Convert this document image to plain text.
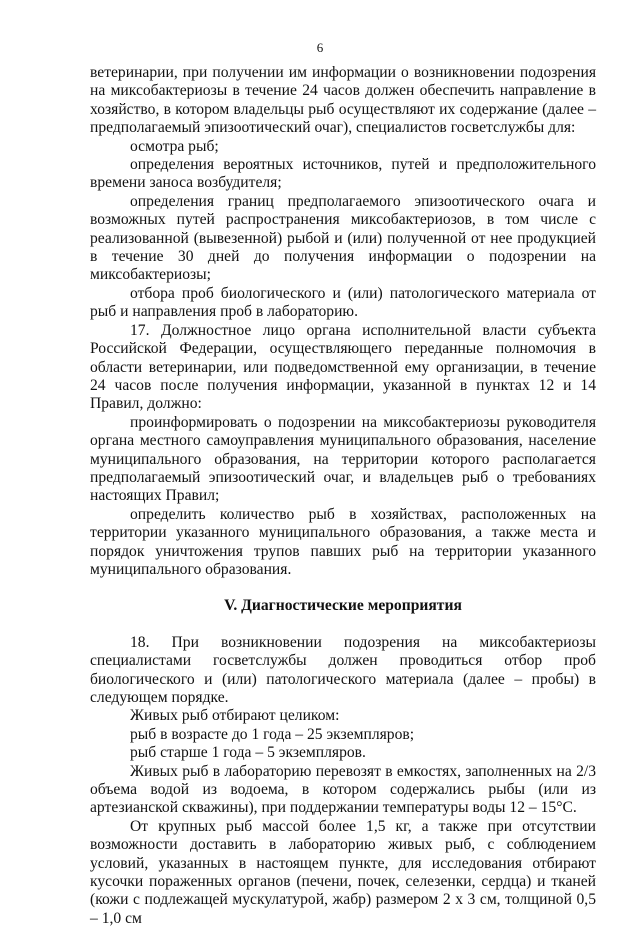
6

ветеринарии, при получении им информации о возникновении подозрения на миксобактериозы в течение 24 часов должен обеспечить направление в хозяйство, в котором владельцы рыб осуществляют их содержание (далее – предполагаемый эпизоотический очаг), специалистов госветслужбы для:

осмотра рыб;

определения вероятных источников, путей и предположительного времени заноса возбудителя;

определения границ предполагаемого эпизоотического очага и возможных путей распространения миксобактериозов, в том числе с реализованной (вывезенной) рыбой и (или) полученной от нее продукцией в течение 30 дней до получения информации о подозрении на миксобактериозы;

отбора проб биологического и (или) патологического материала от рыб и направления проб в лабораторию.

17. Должностное лицо органа исполнительной власти субъекта Российской Федерации, осуществляющего переданные полномочия в области ветеринарии, или подведомственной ему организации, в течение 24 часов после получения информации, указанной в пунктах 12 и 14 Правил, должно:

проинформировать о подозрении на миксобактериозы руководителя органа местного самоуправления муниципального образования, население муниципального образования, на территории которого располагается предполагаемый эпизоотический очаг, и владельцев рыб о требованиях настоящих Правил;

определить количество рыб в хозяйствах, расположенных на территории указанного муниципального образования, а также места и порядок уничтожения трупов павших рыб на территории указанного муниципального образования.

V. Диагностические мероприятия

18. При возникновении подозрения на миксобактериозы специалистами госветслужбы должен проводиться отбор проб биологического и (или) патологического материала (далее – пробы) в следующем порядке.

Живых рыб отбирают целиком:

рыб в возрасте до 1 года – 25 экземпляров;

рыб старше 1 года – 5 экземпляров.

Живых рыб в лабораторию перевозят в емкостях, заполненных на 2/3 объема водой из водоема, в котором содержались рыбы (или из артезианской скважины), при поддержании температуры воды 12 – 15°С.

От крупных рыб массой более 1,5 кг, а также при отсутствии возможности доставить в лабораторию живых рыб, с соблюдением условий, указанных в настоящем пункте, для исследования отбирают кусочки пораженных органов (печени, почек, селезенки, сердца) и тканей (кожи с подлежащей мускулатурой, жабр) размером 2 х 3 см, толщиной 0,5 – 1,0 см
